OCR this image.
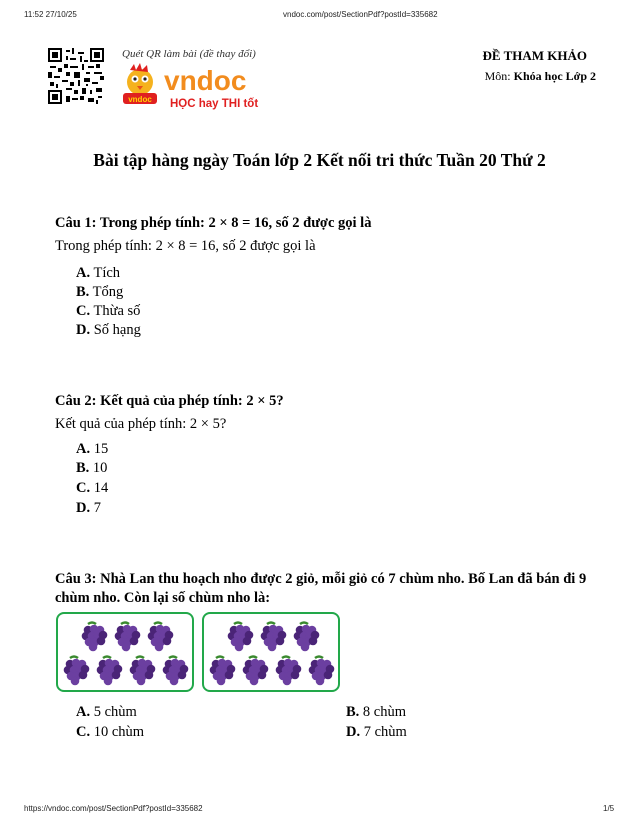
11:52 27/10/25	vndoc.com/post/SectionPdf?postId=335682
https://vndoc.com/post/SectionPdf?postId=335682	1/5
Quét QR làm bài (đề thay đổi)
vndoc
vndoc
HỌC hay THI tốt
ĐỀ THAM KHẢO
Môn: Khóa học Lớp 2
Bài tập hàng ngày Toán lớp 2 Kết nối tri thức Tuần 20 Thứ 2
Câu 1: Trong phép tính: 2 × 8 = 16, số 2 được gọi là
Trong phép tính: 2 × 8 = 16, số 2 được gọi là
A. Tích
B. Tổng
C. Thừa số
D. Số hạng
Câu 2: Kết quả của phép tính: 2 × 5?
Kết quả của phép tính: 2 × 5?
A. 15
B. 10
C. 14
D. 7
Câu 3: Nhà Lan thu hoạch nho được 2 giỏ, mỗi giỏ có 7 chùm nho. Bố Lan đã bán đi 9 chùm nho. Còn lại số chùm nho là:
A. 5 chùm	B. 8 chùm
C. 10 chùm	D. 7 chùm
